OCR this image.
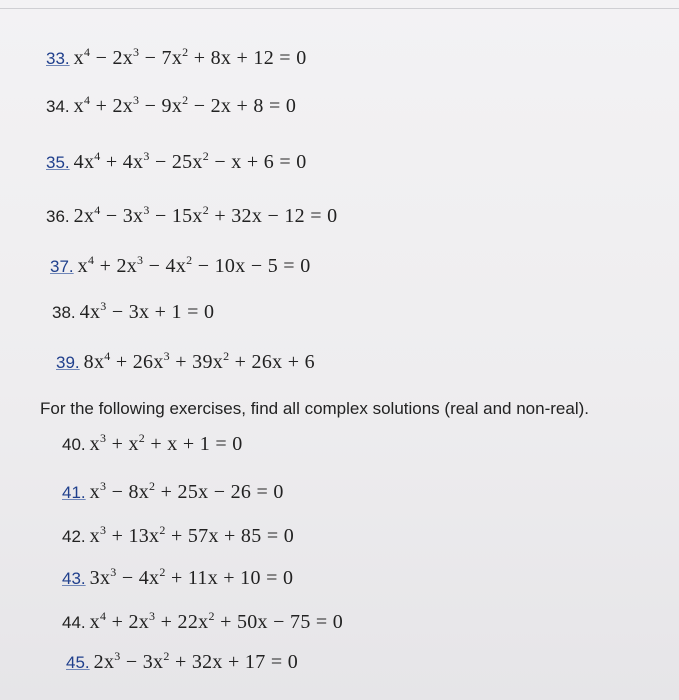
33. $x^4 - 2x^3 - 7x^2 + 8x + 12 = 0$
34. $x^4 + 2x^3 - 9x^2 - 2x + 8 = 0$
35. $4x^4 + 4x^3 - 25x^2 - x + 6 = 0$
36. $2x^4 - 3x^3 - 15x^2 + 32x - 12 = 0$
37. $x^4 + 2x^3 - 4x^2 - 10x - 5 = 0$
38. $4x^3 - 3x + 1 = 0$
39. $8x^4 + 26x^3 + 39x^2 + 26x + 6$
For the following exercises, find all complex solutions (real and non-real).
40. $x^3 + x^2 + x + 1 = 0$
41. $x^3 - 8x^2 + 25x - 26 = 0$
42. $x^3 + 13x^2 + 57x + 85 = 0$
43. $3x^3 - 4x^2 + 11x + 10 = 0$
44. $x^4 + 2x^3 + 22x^2 + 50x - 75 = 0$
45. $2x^3 - 3x^2 + 32x + 17 = 0$
